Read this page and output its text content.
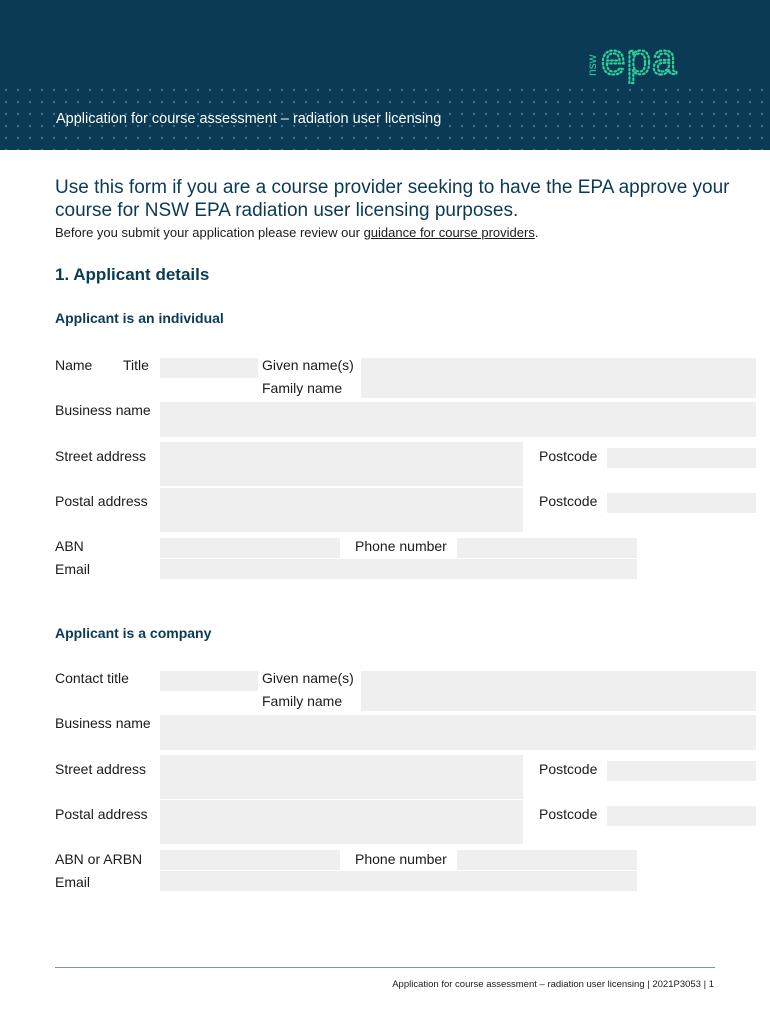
Application for course assessment – radiation user licensing
nsw epa
Use this form if you are a course provider seeking to have the EPA approve your course for NSW EPA radiation user licensing purposes.
Before you submit your application please review our guidance for course providers.
1. Applicant details
Applicant is an individual
Name Title	Given name(s)
Family name
Business name
Street address	Postcode
Postal address	Postcode
ABN	Phone number
Email
Applicant is a company
Contact title	Given name(s)
Family name
Business name
Street address	Postcode
Postal address	Postcode
ABN or ARBN	Phone number
Email
Application for course assessment – radiation user licensing | 2021P3053 | 1
